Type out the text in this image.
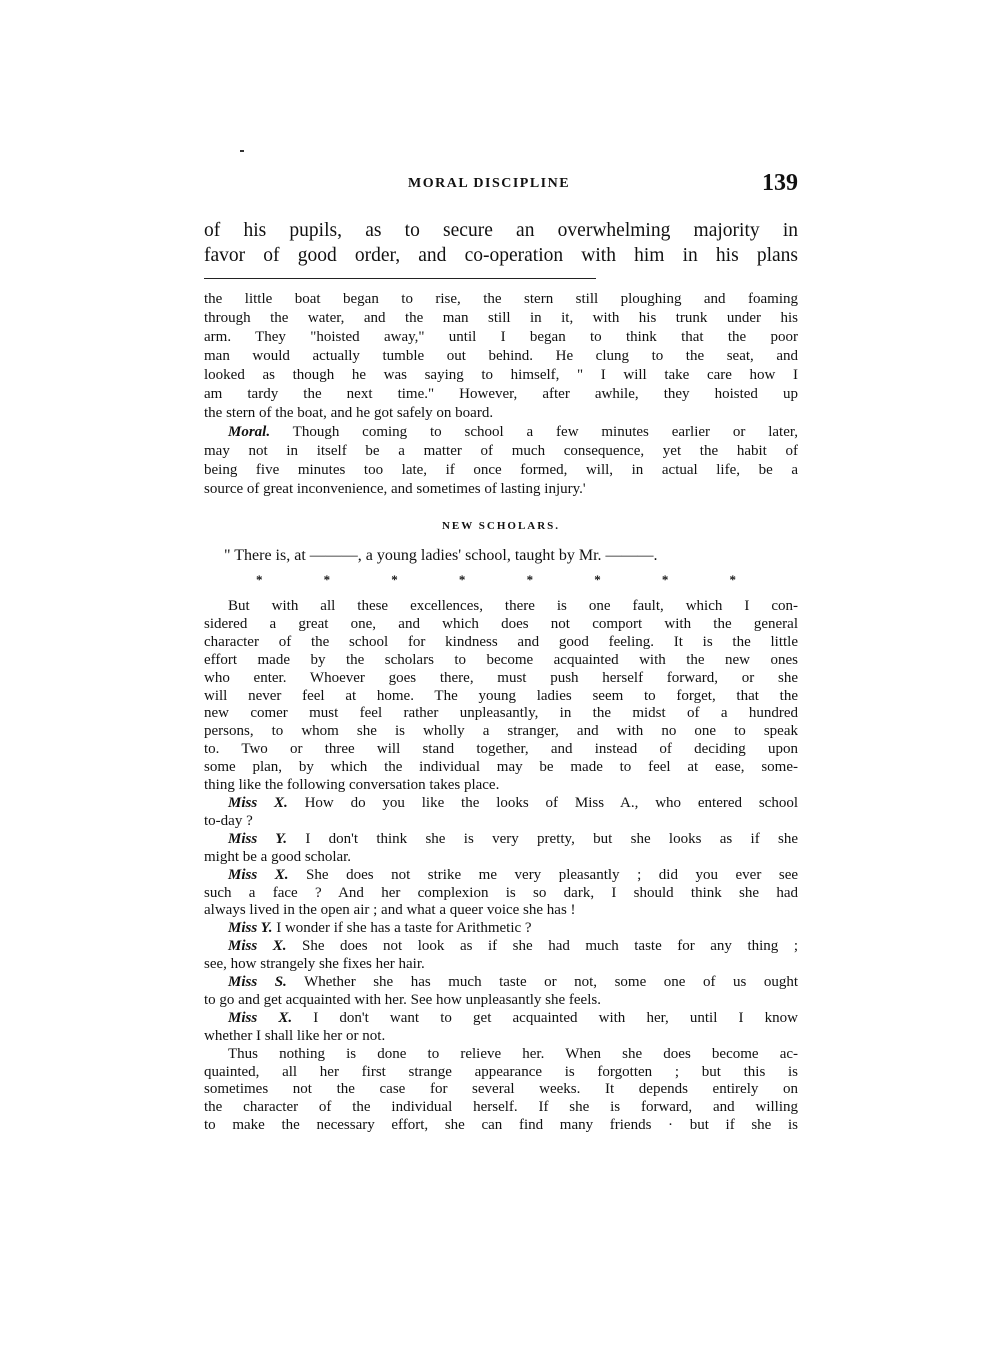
MORAL DISCIPLINE	139
of his pupils, as to secure an overwhelming majority in
favor of good order, and co-operation with him in his plans
the little boat began to rise, the stern still ploughing and foaming
through the water, and the man still in it, with his trunk under his
arm. They "hoisted away," until I began to think that the poor
man would actually tumble out behind. He clung to the seat, and
looked as though he was saying to himself, " I will take care how I
am tardy the next time." However, after awhile, they hoisted up
the stern of the boat, and he got safely on board.
Moral. Though coming to school a few minutes earlier or later,
may not in itself be a matter of much consequence, yet the habit of
being five minutes too late, if once formed, will, in actual life, be a
source of great inconvenience, and sometimes of lasting injury.'
NEW SCHOLARS.
" There is, at ———, a young ladies' school, taught by Mr. ———.
*	*	*	*	*	*	*	*
But with all these excellences, there is one fault, which I con-
sidered a great one, and which does not comport with the general
character of the school for kindness and good feeling. It is the little
effort made by the scholars to become acquainted with the new ones
who enter. Whoever goes there, must push herself forward, or she
will never feel at home. The young ladies seem to forget, that the
new comer must feel rather unpleasantly, in the midst of a hundred
persons, to whom she is wholly a stranger, and with no one to speak
to. Two or three will stand together, and instead of deciding upon
some plan, by which the individual may be made to feel at ease, some-
thing like the following conversation takes place.
Miss X. How do you like the looks of Miss A., who entered school
to-day ?
Miss Y. I don't think she is very pretty, but she looks as if she
might be a good scholar.
Miss X. She does not strike me very pleasantly ; did you ever see
such a face ? And her complexion is so dark, I should think she had
always lived in the open air ; and what a queer voice she has !
Miss Y. I wonder if she has a taste for Arithmetic ?
Miss X. She does not look as if she had much taste for any thing ;
see, how strangely she fixes her hair.
Miss S. Whether she has much taste or not, some one of us ought
to go and get acquainted with her. See how unpleasantly she feels.
Miss X. I don't want to get acquainted with her, until I know
whether I shall like her or not.
Thus nothing is done to relieve her. When she does become ac-
quainted, all her first strange appearance is forgotten ; but this is
sometimes not the case for several weeks. It depends entirely on
the character of the individual herself. If she is forward, and willing
to make the necessary effort, she can find many friends · but if she is
